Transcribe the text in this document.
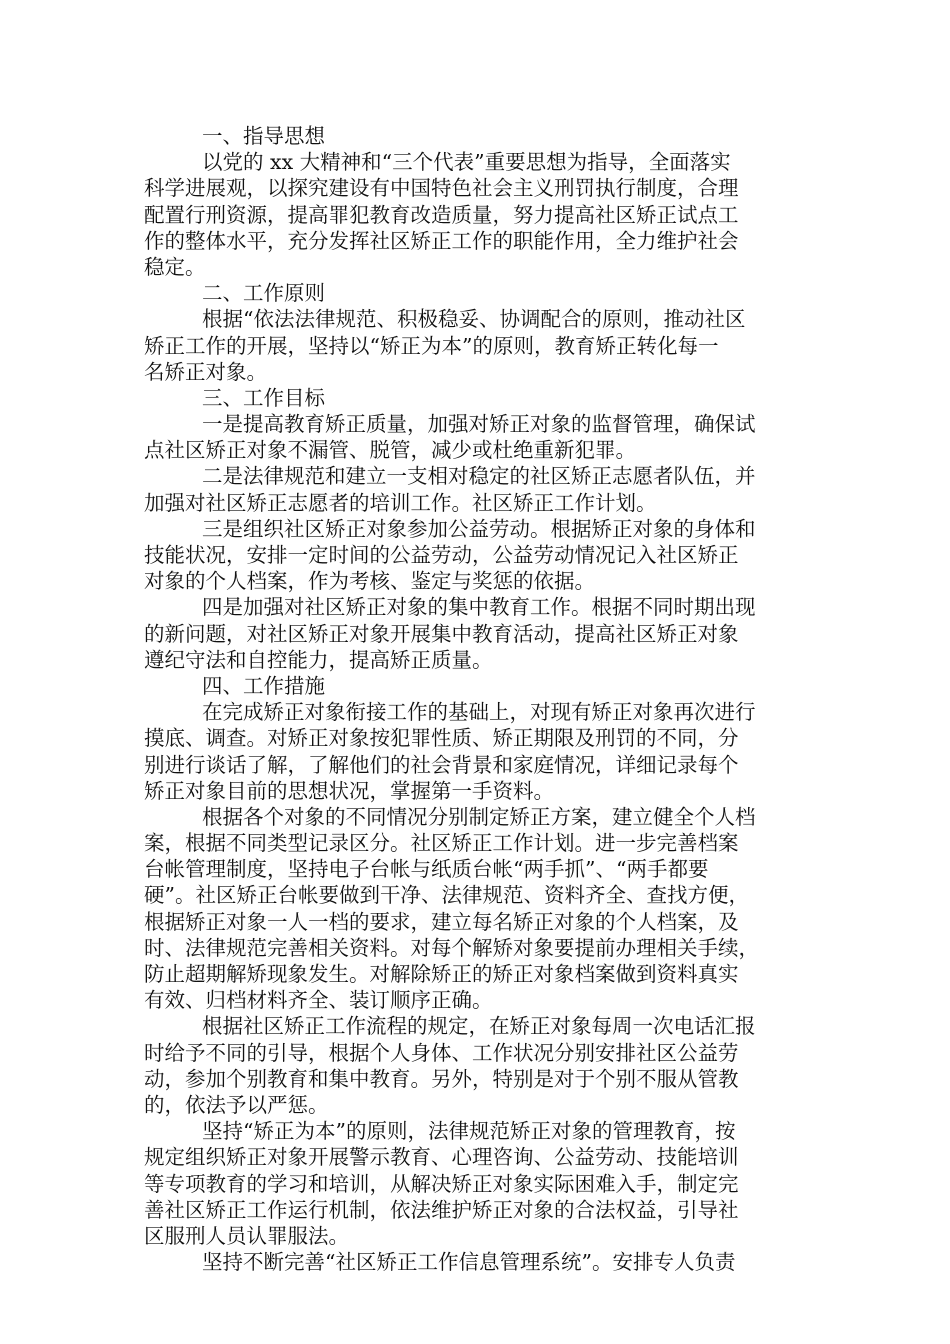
一、指导思想

以党的 xx 大精神和“三个代表”重要思想为指导，全面落实

科学进展观，以探究建设有中国特色社会主义刑罚执行制度，合理

配置行刑资源，提高罪犯教育改造质量，努力提高社区矫正试点工

作的整体水平，充分发挥社区矫正工作的职能作用，全力维护社会

稳定。

二、工作原则

根据“依法法律规范、积极稳妥、协调配合的原则，推动社区

矫正工作的开展，坚持以“矫正为本”的原则，教育矫正转化每一

名矫正对象。

三、工作目标

一是提高教育矫正质量，加强对矫正对象的监督管理，确保试

点社区矫正对象不漏管、脱管，减少或杜绝重新犯罪。

二是法律规范和建立一支相对稳定的社区矫正志愿者队伍，并

加强对社区矫正志愿者的培训工作。社区矫正工作计划。

三是组织社区矫正对象参加公益劳动。根据矫正对象的身体和

技能状况，安排一定时间的公益劳动，公益劳动情况记入社区矫正

对象的个人档案，作为考核、鉴定与奖惩的依据。

四是加强对社区矫正对象的集中教育工作。根据不同时期出现

的新问题，对社区矫正对象开展集中教育活动，提高社区矫正对象

遵纪守法和自控能力，提高矫正质量。

四、工作措施

在完成矫正对象衔接工作的基础上，对现有矫正对象再次进行

摸底、调查。对矫正对象按犯罪性质、矫正期限及刑罚的不同，分

别进行谈话了解，了解他们的社会背景和家庭情况，详细记录每个

矫正对象目前的思想状况，掌握第一手资料。

根据各个对象的不同情况分别制定矫正方案，建立健全个人档

案，根据不同类型记录区分。社区矫正工作计划。进一步完善档案

台帐管理制度，坚持电子台帐与纸质台帐“两手抓”、“两手都要

硬”。社区矫正台帐要做到干净、法律规范、资料齐全、查找方便，

根据矫正对象一人一档的要求，建立每名矫正对象的个人档案，及

时、法律规范完善相关资料。对每个解矫对象要提前办理相关手续，

防止超期解矫现象发生。对解除矫正的矫正对象档案做到资料真实

有效、归档材料齐全、装订顺序正确。

根据社区矫正工作流程的规定，在矫正对象每周一次电话汇报

时给予不同的引导，根据个人身体、工作状况分别安排社区公益劳

动，参加个别教育和集中教育。另外，特别是对于个别不服从管教

的，依法予以严惩。

坚持“矫正为本”的原则，法律规范矫正对象的管理教育，按

规定组织矫正对象开展警示教育、心理咨询、公益劳动、技能培训

等专项教育的学习和培训，从解决矫正对象实际困难入手，制定完

善社区矫正工作运行机制，依法维护矫正对象的合法权益，引导社

区服刑人员认罪服法。

坚持不断完善“社区矫正工作信息管理系统”。安排专人负责
